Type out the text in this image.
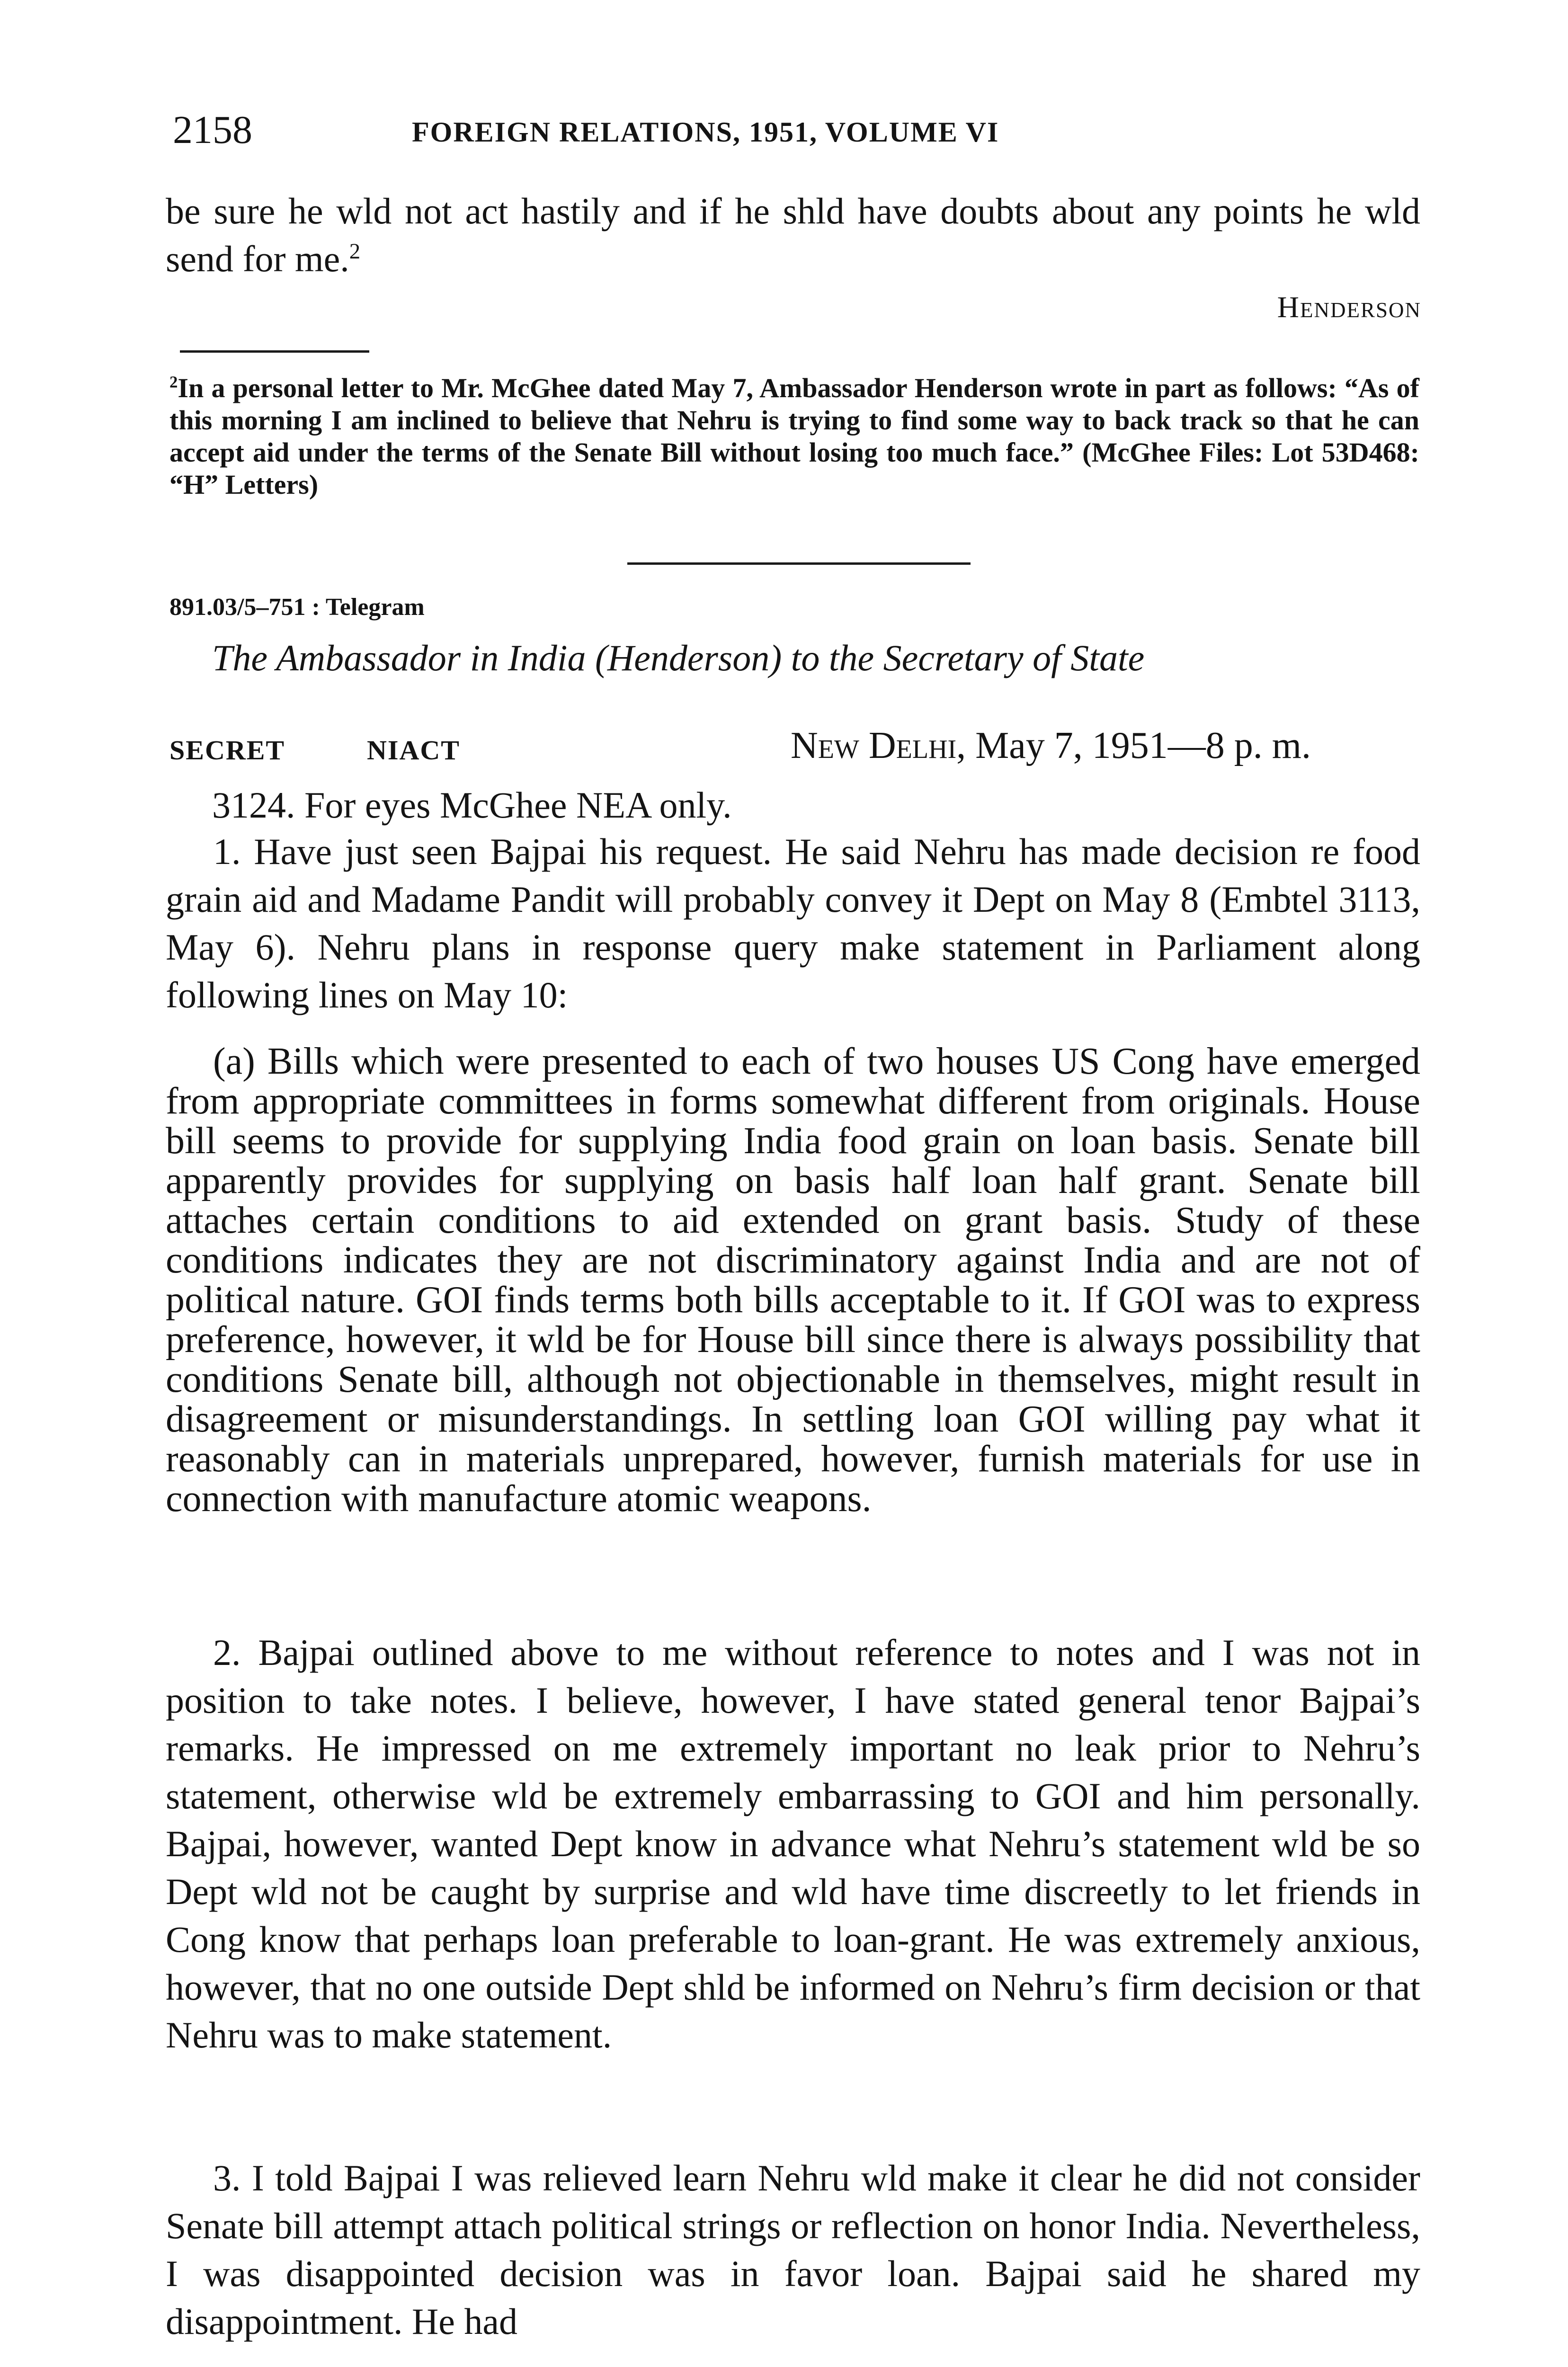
2158	FOREIGN RELATIONS, 1951, VOLUME VI

be sure he wld not act hastily and if he shld have doubts about any points he wld send for me.$^2$

Henderson

$^2$In a personal letter to Mr. McGhee dated May 7, Ambassador Henderson wrote in part as follows: “As of this morning I am inclined to believe that Nehru is trying to find some way to back track so that he can accept aid under the terms of the Senate Bill without losing too much face.” (McGhee Files: Lot 53D468: “H” Letters)

891.03/5–751 : Telegram
The Ambassador in India (Henderson) to the Secretary of State
SECRET	NIACT	New Delhi, May 7, 1951—8 p. m.

3124. For eyes McGhee NEA only.

1. Have just seen Bajpai his request. He said Nehru has made decision re food grain aid and Madame Pandit will probably convey it Dept on May 8 (Embtel 3113, May 6). Nehru plans in response query make statement in Parliament along following lines on May 10:

(a) Bills which were presented to each of two houses US Cong have emerged from appropriate committees in forms somewhat different from originals. House bill seems to provide for supplying India food grain on loan basis. Senate bill apparently provides for supplying on basis half loan half grant. Senate bill attaches certain conditions to aid extended on grant basis. Study of these conditions indicates they are not discriminatory against India and are not of political nature. GOI finds terms both bills acceptable to it. If GOI was to express preference, however, it wld be for House bill since there is always possibility that conditions Senate bill, although not objectionable in themselves, might result in disagreement or misunderstandings. In settling loan GOI willing pay what it reasonably can in materials unprepared, however, furnish materials for use in connection with manufacture atomic weapons.

2. Bajpai outlined above to me without reference to notes and I was not in position to take notes. I believe, however, I have stated general tenor Bajpai’s remarks. He impressed on me extremely important no leak prior to Nehru’s statement, otherwise wld be extremely embarrassing to GOI and him personally. Bajpai, however, wanted Dept know in advance what Nehru’s statement wld be so Dept wld not be caught by surprise and wld have time discreetly to let friends in Cong know that perhaps loan preferable to loan-grant. He was extremely anxious, however, that no one outside Dept shld be informed on Nehru’s firm decision or that Nehru was to make statement.

3. I told Bajpai I was relieved learn Nehru wld make it clear he did not consider Senate bill attempt attach political strings or reflection on honor India. Nevertheless, I was disappointed decision was in favor loan. Bajpai said he shared my disappointment. He had
